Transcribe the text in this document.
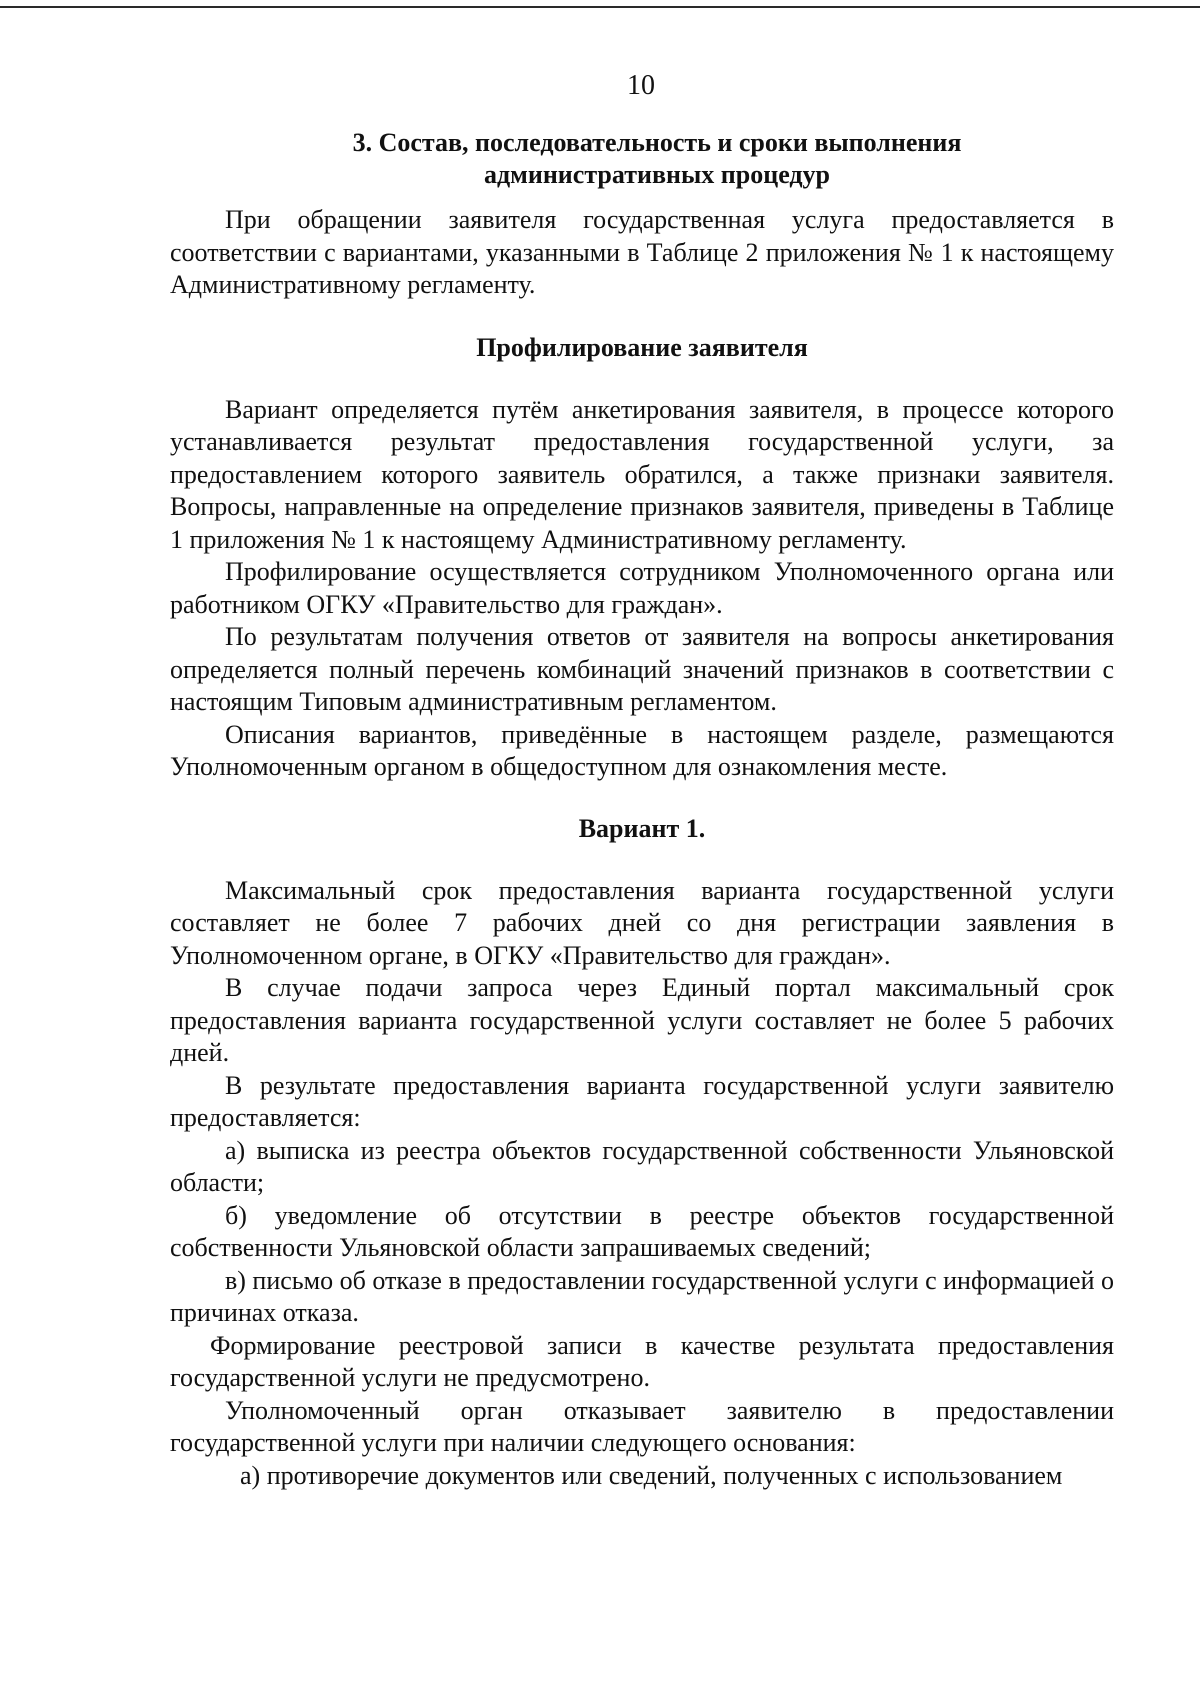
10
3. Состав, последовательность и сроки выполнения
административных процедур

При обращении заявителя государственная услуга предоставляется в соответствии с вариантами, указанными в Таблице 2 приложения № 1 к настоящему Административному регламенту.

Профилирование заявителя

Вариант определяется путём анкетирования заявителя, в процессе которого устанавливается результат предоставления государственной услуги, за предоставлением которого заявитель обратился, а также признаки заявителя. Вопросы, направленные на определение признаков заявителя, приведены в Таблице 1 приложения № 1 к настоящему Административному регламенту.

Профилирование осуществляется сотрудником Уполномоченного органа или работником ОГКУ «Правительство для граждан».

По результатам получения ответов от заявителя на вопросы анкетирования определяется полный перечень комбинаций значений признаков в соответствии с настоящим Типовым административным регламентом.

Описания вариантов, приведённые в настоящем разделе, размещаются Уполномоченным органом в общедоступном для ознакомления месте.

Вариант 1.

Максимальный срок предоставления варианта государственной услуги составляет не более 7 рабочих дней со дня регистрации заявления в Уполномоченном органе, в ОГКУ «Правительство для граждан».

В случае подачи запроса через Единый портал максимальный срок предоставления варианта государственной услуги составляет не более 5 рабочих дней.

В результате предоставления варианта государственной услуги заявителю предоставляется:

а) выписка из реестра объектов государственной собственности Ульяновской области;

б) уведомление об отсутствии в реестре объектов государственной собственности Ульяновской области запрашиваемых сведений;

в) письмо об отказе в предоставлении государственной услуги с информацией о причинах отказа.

Формирование реестровой записи в качестве результата предоставления государственной услуги не предусмотрено.

Уполномоченный орган отказывает заявителю в предоставлении государственной услуги при наличии следующего основания:

а) противоречие документов или сведений, полученных с использованием
